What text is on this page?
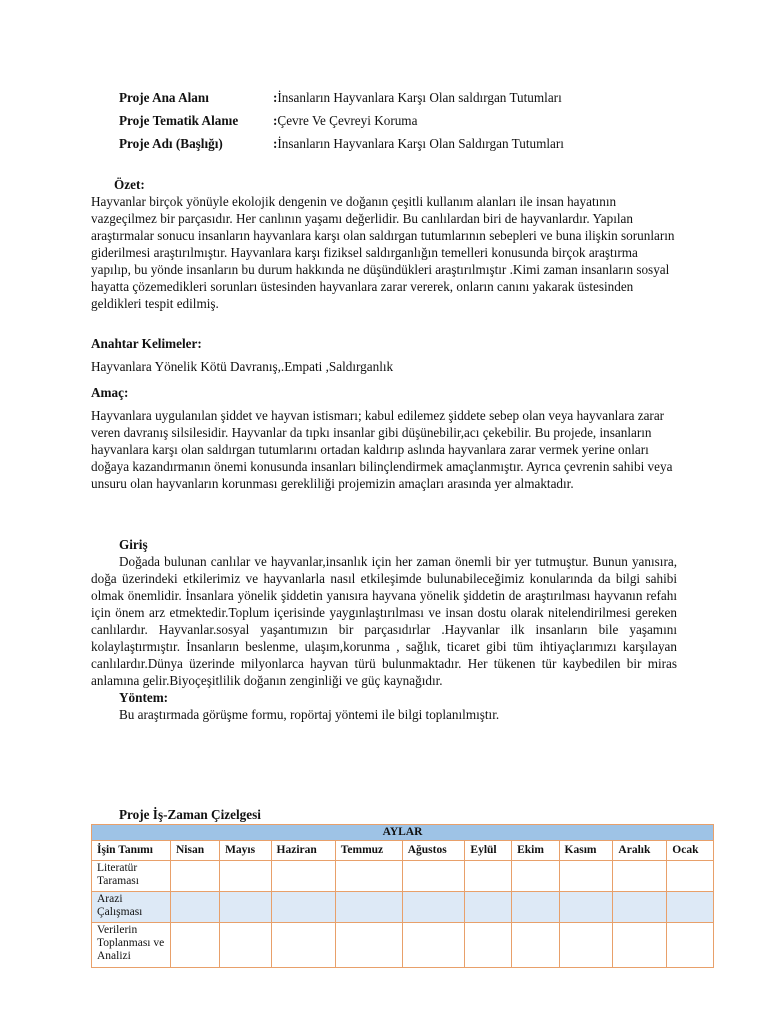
Proje Ana Alanı	:İnsanların Hayvanlara Karşı Olan saldırgan Tutumları
Proje Tematik Alanıe	:Çevre Ve Çevreyi Koruma
Proje Adı (Başlığı)	:İnsanların Hayvanlara Karşı Olan Saldırgan Tutumları
Özet:

Hayvanlar birçok yönüyle ekolojik dengenin ve doğanın çeşitli kullanım alanları ile insan hayatının vazgeçilmez bir parçasıdır. Her canlının yaşamı değerlidir. Bu canlılardan biri de hayvanlardır. Yapılan araştırmalar sonucu insanların hayvanlara karşı olan saldırgan tutumlarının sebepleri ve buna ilişkin sorunların giderilmesi araştırılmıştır. Hayvanlara karşı fiziksel saldırganlığın temelleri konusunda birçok araştırma yapılıp, bu yönde insanların bu durum hakkında ne düşündükleri araştırılmıştır .Kimi zaman insanların sosyal hayatta çözemedikleri sorunları üstesinden hayvanlara zarar vererek, onların canını yakarak üstesinden geldikleri tespit edilmiş.

Anahtar Kelimeler:

Hayvanlara Yönelik Kötü Davranış,.Empati ,Saldırganlık

Amaç:

Hayvanlara uygulanılan şiddet ve hayvan istismarı; kabul edilemez şiddete sebep olan veya hayvanlara zarar veren davranış silsilesidir. Hayvanlar da tıpkı insanlar gibi düşünebilir,acı çekebilir. Bu projede, insanların hayvanlara karşı olan saldırgan tutumlarını ortadan kaldırıp aslında hayvanlara zarar vermek yerine onları doğaya kazandırmanın önemi konusunda insanları bilinçlendirmek amaçlanmıştır. Ayrıca çevrenin sahibi veya unsuru olan hayvanların korunması gerekliliği projemizin amaçları arasında yer almaktadır.

Giriş

Doğada bulunan canlılar ve hayvanlar,insanlık için her zaman önemli bir yer tutmuştur. Bunun yanısıra, doğa üzerindeki etkilerimiz ve hayvanlarla nasıl etkileşimde bulunabileceğimiz konularında da bilgi sahibi olmak önemlidir. İnsanlara yönelik şiddetin yanısıra hayvana yönelik şiddetin de araştırılması hayvanın refahı için önem arz etmektedir.Toplum içerisinde yaygınlaştırılması ve insan dostu olarak nitelendirilmesi gereken canlılardır. Hayvanlar.sosyal yaşantımızın bir parçasıdırlar .Hayvanlar ilk insanların bile yaşamını kolaylaştırmıştır. İnsanların beslenme, ulaşım,korunma , sağlık, ticaret gibi tüm ihtiyaçlarımızı karşılayan canlılardır.Dünya üzerinde milyonlarca hayvan türü bulunmaktadır. Her tükenen tür kaybedilen bir miras anlamına gelir.Biyoçeşitlilik doğanın zenginliği ve güç kaynağıdır.

Yöntem:

Bu araştırmada görüşme formu, ropörtaj yöntemi ile bilgi toplanılmıştır.

Proje İş-Zaman Çizelgesi
AYLAR										
İşin Tanımı	Nisan	Mayıs	Haziran	Temmuz	Ağustos	Eylül	Ekim	Kasım	Aralık	Ocak
Literatür Taraması										
Arazi Çalışması										
Verilerin Toplanması ve Analizi										
